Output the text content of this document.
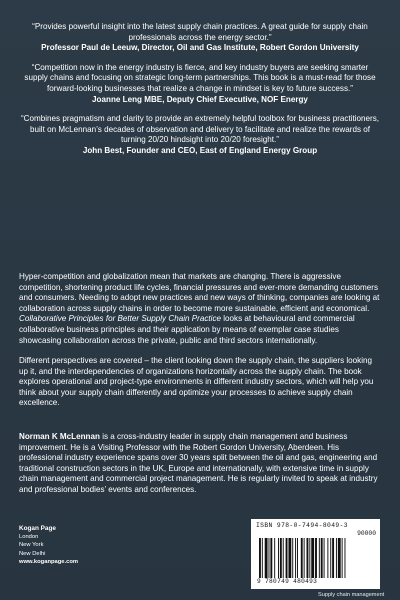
“Provides powerful insight into the latest supply chain practices. A great guide for supply chain professionals across the energy sector.”
Professor Paul de Leeuw, Director, Oil and Gas Institute, Robert Gordon University
“Competition now in the energy industry is fierce, and key industry buyers are seeking smarter supply chains and focusing on strategic long-term partnerships. This book is a must-read for those forward-looking businesses that realize a change in mindset is key to future success.”
Joanne Leng MBE, Deputy Chief Executive, NOF Energy
“Combines pragmatism and clarity to provide an extremely helpful toolbox for business practitioners, built on McLennan’s decades of observation and delivery to facilitate and realize the rewards of turning 20/20 hindsight into 20/20 foresight.”
John Best, Founder and CEO, East of England Energy Group
Hyper-competition and globalization mean that markets are changing. There is aggressive competition, shortening product life cycles, financial pressures and ever-more demanding customers and consumers. Needing to adopt new practices and new ways of thinking, companies are looking at collaboration across supply chains in order to become more sustainable, efficient and economical. Collaborative Principles for Better Supply Chain Practice looks at behavioural and commercial collaborative business principles and their application by means of exemplar case studies showcasing collaboration across the private, public and third sectors internationally.
Different perspectives are covered – the client looking down the supply chain, the suppliers looking up it, and the interdependencies of organizations horizontally across the supply chain. The book explores operational and project-type environments in different industry sectors, which will help you think about your supply chain differently and optimize your processes to achieve supply chain excellence.
Norman K McLennan is a cross-industry leader in supply chain management and business improvement. He is a Visiting Professor with the Robert Gordon University, Aberdeen. His professional industry experience spans over 30 years split between the oil and gas, engineering and traditional construction sectors in the UK, Europe and internationally, with extensive time in supply chain management and commercial project management. He is regularly invited to speak at industry and professional bodies’ events and conferences.
Kogan Page
London
New York
New Delhi
www.koganpage.com
ISBN 978-0-7494-8049-3
90000
9 780749 480493
Supply chain management
